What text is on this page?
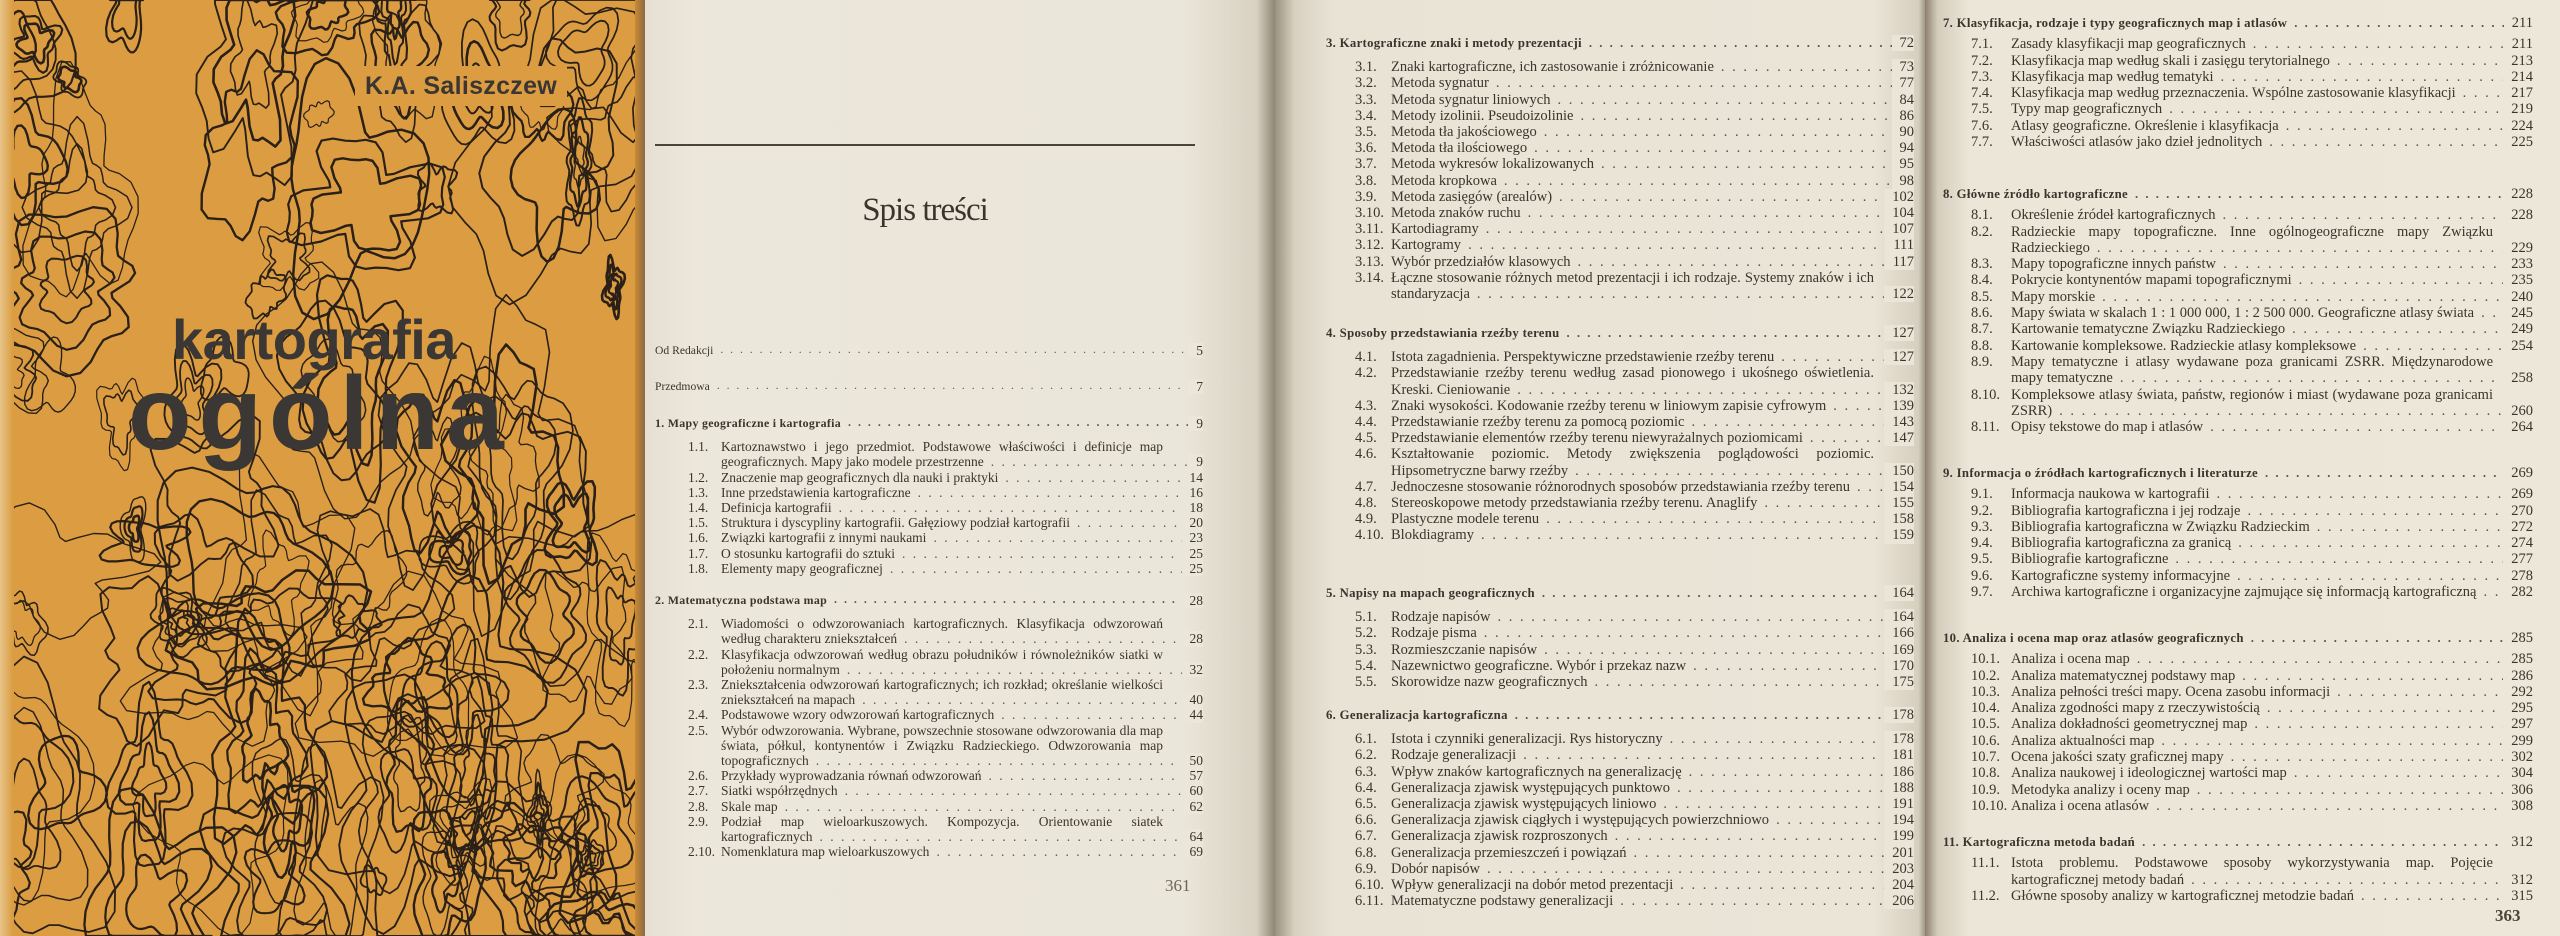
K.A. Saliszczew
kartografia
ogólna
Spis treści
361
Od Redakcji . . .	5
Przedmowa . . .	7
1. Mapy geograficzne i kartografia . . .	9
1.1. Kartoznawstwo i jego przedmiot. Podstawowe właściwości i definicje map geograficznych. Mapy jako modele przestrzenne . . .	9
1.2. Znaczenie map geograficznych dla nauki i praktyki . . .	14
1.3. Inne przedstawienia kartograficzne . . .	16
1.4. Definicja kartografii . . .	18
1.5. Struktura i dyscypliny kartografii. Gałęziowy podział kartografii . . .	20
1.6. Związki kartografii z innymi naukami . . .	23
1.7. O stosunku kartografii do sztuki . . .	25
1.8. Elementy mapy geograficznej . . .	25
2. Matematyczna podstawa map . . .	28
2.1. Wiadomości o odwzorowaniach kartograficznych. Klasyfikacja odwzorowań według charakteru zniekształceń . . .	28
2.2. Klasyfikacja odwzorowań według obrazu południków i równoleżników siatki w położeniu normalnym . . .	32
2.3. Zniekształcenia odwzorowań kartograficznych; ich rozkład; określanie wielkości zniekształceń na mapach . . .	40
2.4. Podstawowe wzory odwzorowań kartograficznych . . .	44
2.5. Wybór odwzorowania. Wybrane, powszechnie stosowane odwzorowania dla map świata, półkul, kontynentów i Związku Radzieckiego. Odwzorowania map topograficznych . . .	50
2.6. Przykłady wyprowadzania równań odwzorowań . . .	57
2.7. Siatki współrzędnych . . .	60
2.8. Skale map . . .	62
2.9. Podział map wieloarkuszowych. Kompozycja. Orientowanie siatek kartograficznych . . .	64
2.10. Nomenklatura map wieloarkuszowych . . .	69
3. Kartograficzne znaki i metody prezentacji . . .	72
3.1. Znaki kartograficzne, ich zastosowanie i zróżnicowanie . . .	73
3.2. Metoda sygnatur . . .	77
3.3. Metoda sygnatur liniowych . . .	84
3.4. Metody izolinii. Pseudoizolinie . . .	86
3.5. Metoda tła jakościowego . . .	90
3.6. Metoda tła ilościowego . . .	94
3.7. Metoda wykresów lokalizowanych . . .	95
3.8. Metoda kropkowa . . .	98
3.9. Metoda zasięgów (arealów) . . .	102
3.10. Metoda znaków ruchu . . .	104
3.11. Kartodiagramy . . .	107
3.12. Kartogramy . . .	111
3.13. Wybór przedziałów klasowych . . .	117
3.14. Łączne stosowanie różnych metod prezentacji i ich rodzaje. Systemy znaków i ich standaryzacja . . .	122
4. Sposoby przedstawiania rzeźby terenu . . .	127
4.1. Istota zagadnienia. Perspektywiczne przedstawienie rzeźby terenu . . .	127
4.2. Przedstawianie rzeźby terenu według zasad pionowego i ukośnego oświetlenia. Kreski. Cieniowanie . . .	132
4.3. Znaki wysokości. Kodowanie rzeźby terenu w liniowym zapisie cyfrowym . . .	139
4.4. Przedstawianie rzeźby terenu za pomocą poziomic . . .	143
4.5. Przedstawianie elementów rzeźby terenu niewyrażalnych poziomicami . . .	147
4.6. Kształtowanie poziomic. Metody zwiększenia poglądowości poziomic. Hipsometryczne barwy rzeźby . . .	150
4.7. Jednoczesne stosowanie różnorodnych sposobów przedstawiania rzeźby terenu . . .	154
4.8. Stereoskopowe metody przedstawiania rzeźby terenu. Anaglify . . .	155
4.9. Plastyczne modele terenu . . .	158
4.10. Blokdiagramy . . .	159
5. Napisy na mapach geograficznych . . .	164
5.1. Rodzaje napisów . . .	164
5.2. Rodzaje pisma . . .	166
5.3. Rozmieszczanie napisów . . .	169
5.4. Nazewnictwo geograficzne. Wybór i przekaz nazw . . .	170
5.5. Skorowidze nazw geograficznych . . .	175
6. Generalizacja kartograficzna . . .	178
6.1. Istota i czynniki generalizacji. Rys historyczny . . .	178
6.2. Rodzaje generalizacji . . .	181
6.3. Wpływ znaków kartograficznych na generalizację . . .	186
6.4. Generalizacja zjawisk występujących punktowo . . .	188
6.5. Generalizacja zjawisk występujących liniowo . . .	191
6.6. Generalizacja zjawisk ciągłych i występujących powierzchniowo . . .	194
6.7. Generalizacja zjawisk rozproszonych . . .	199
6.8. Generalizacja przemieszczeń i powiązań . . .	201
6.9. Dobór napisów . . .	203
6.10. Wpływ generalizacji na dobór metod prezentacji . . .	204
6.11. Matematyczne podstawy generalizacji . . .	206
363
7. Klasyfikacja, rodzaje i typy geograficznych map i atlasów . . .	211
7.1. Zasady klasyfikacji map geograficznych . . .	211
7.2. Klasyfikacja map według skali i zasięgu terytorialnego . . .	213
7.3. Klasyfikacja map według tematyki . . .	214
7.4. Klasyfikacja map według przeznaczenia. Wspólne zastosowanie klasyfikacji . . .	217
7.5. Typy map geograficznych . . .	219
7.6. Atlasy geograficzne. Określenie i klasyfikacja . . .	224
7.7. Właściwości atlasów jako dzieł jednolitych . . .	225
8. Główne źródło kartograficzne . . .	228
8.1. Określenie źródeł kartograficznych . . .	228
8.2. Radzieckie mapy topograficzne. Inne ogólnogeograficzne mapy Związku Radzieckiego . . .	229
8.3. Mapy topograficzne innych państw . . .	233
8.4. Pokrycie kontynentów mapami topograficznymi . . .	235
8.5. Mapy morskie . . .	240
8.6. Mapy świata w skalach 1 : 1 000 000, 1 : 2 500 000. Geograficzne atlasy świata . . .	245
8.7. Kartowanie tematyczne Związku Radzieckiego . . .	249
8.8. Kartowanie kompleksowe. Radzieckie atlasy kompleksowe . . .	254
8.9. Mapy tematyczne i atlasy wydawane poza granicami ZSRR. Międzynarodowe mapy tematyczne . . .	258
8.10. Kompleksowe atlasy świata, państw, regionów i miast (wydawane poza granicami ZSRR) . . .	260
8.11. Opisy tekstowe do map i atlasów . . .	264
9. Informacja o źródłach kartograficznych i literaturze . . .	269
9.1. Informacja naukowa w kartografii . . .	269
9.2. Bibliografia kartograficzna i jej rodzaje . . .	270
9.3. Bibliografia kartograficzna w Związku Radzieckim . . .	272
9.4. Bibliografia kartograficzna za granicą . . .	274
9.5. Bibliografie kartograficzne . . .	277
9.6. Kartograficzne systemy informacyjne . . .	278
9.7. Archiwa kartograficzne i organizacyjne zajmujące się informacją kartograficzną . . .	282
10. Analiza i ocena map oraz atlasów geograficznych . . .	285
10.1. Analiza i ocena map . . .	285
10.2. Analiza matematycznej podstawy map . . .	286
10.3. Analiza pełności treści mapy. Ocena zasobu informacji . . .	292
10.4. Analiza zgodności mapy z rzeczywistością . . .	295
10.5. Analiza dokładności geometrycznej map . . .	297
10.6. Analiza aktualności map . . .	299
10.7. Ocena jakości szaty graficznej mapy . . .	302
10.8. Analiza naukowej i ideologicznej wartości map . . .	304
10.9. Metodyka analizy i oceny map . . .	306
10.10. Analiza i ocena atlasów . . .	308
11. Kartograficzna metoda badań . . .	312
11.1. Istota problemu. Podstawowe sposoby wykorzystywania map. Pojęcie kartograficznej metody badań . . .	312
11.2. Główne sposoby analizy w kartograficznej metodzie badań . . .	315
